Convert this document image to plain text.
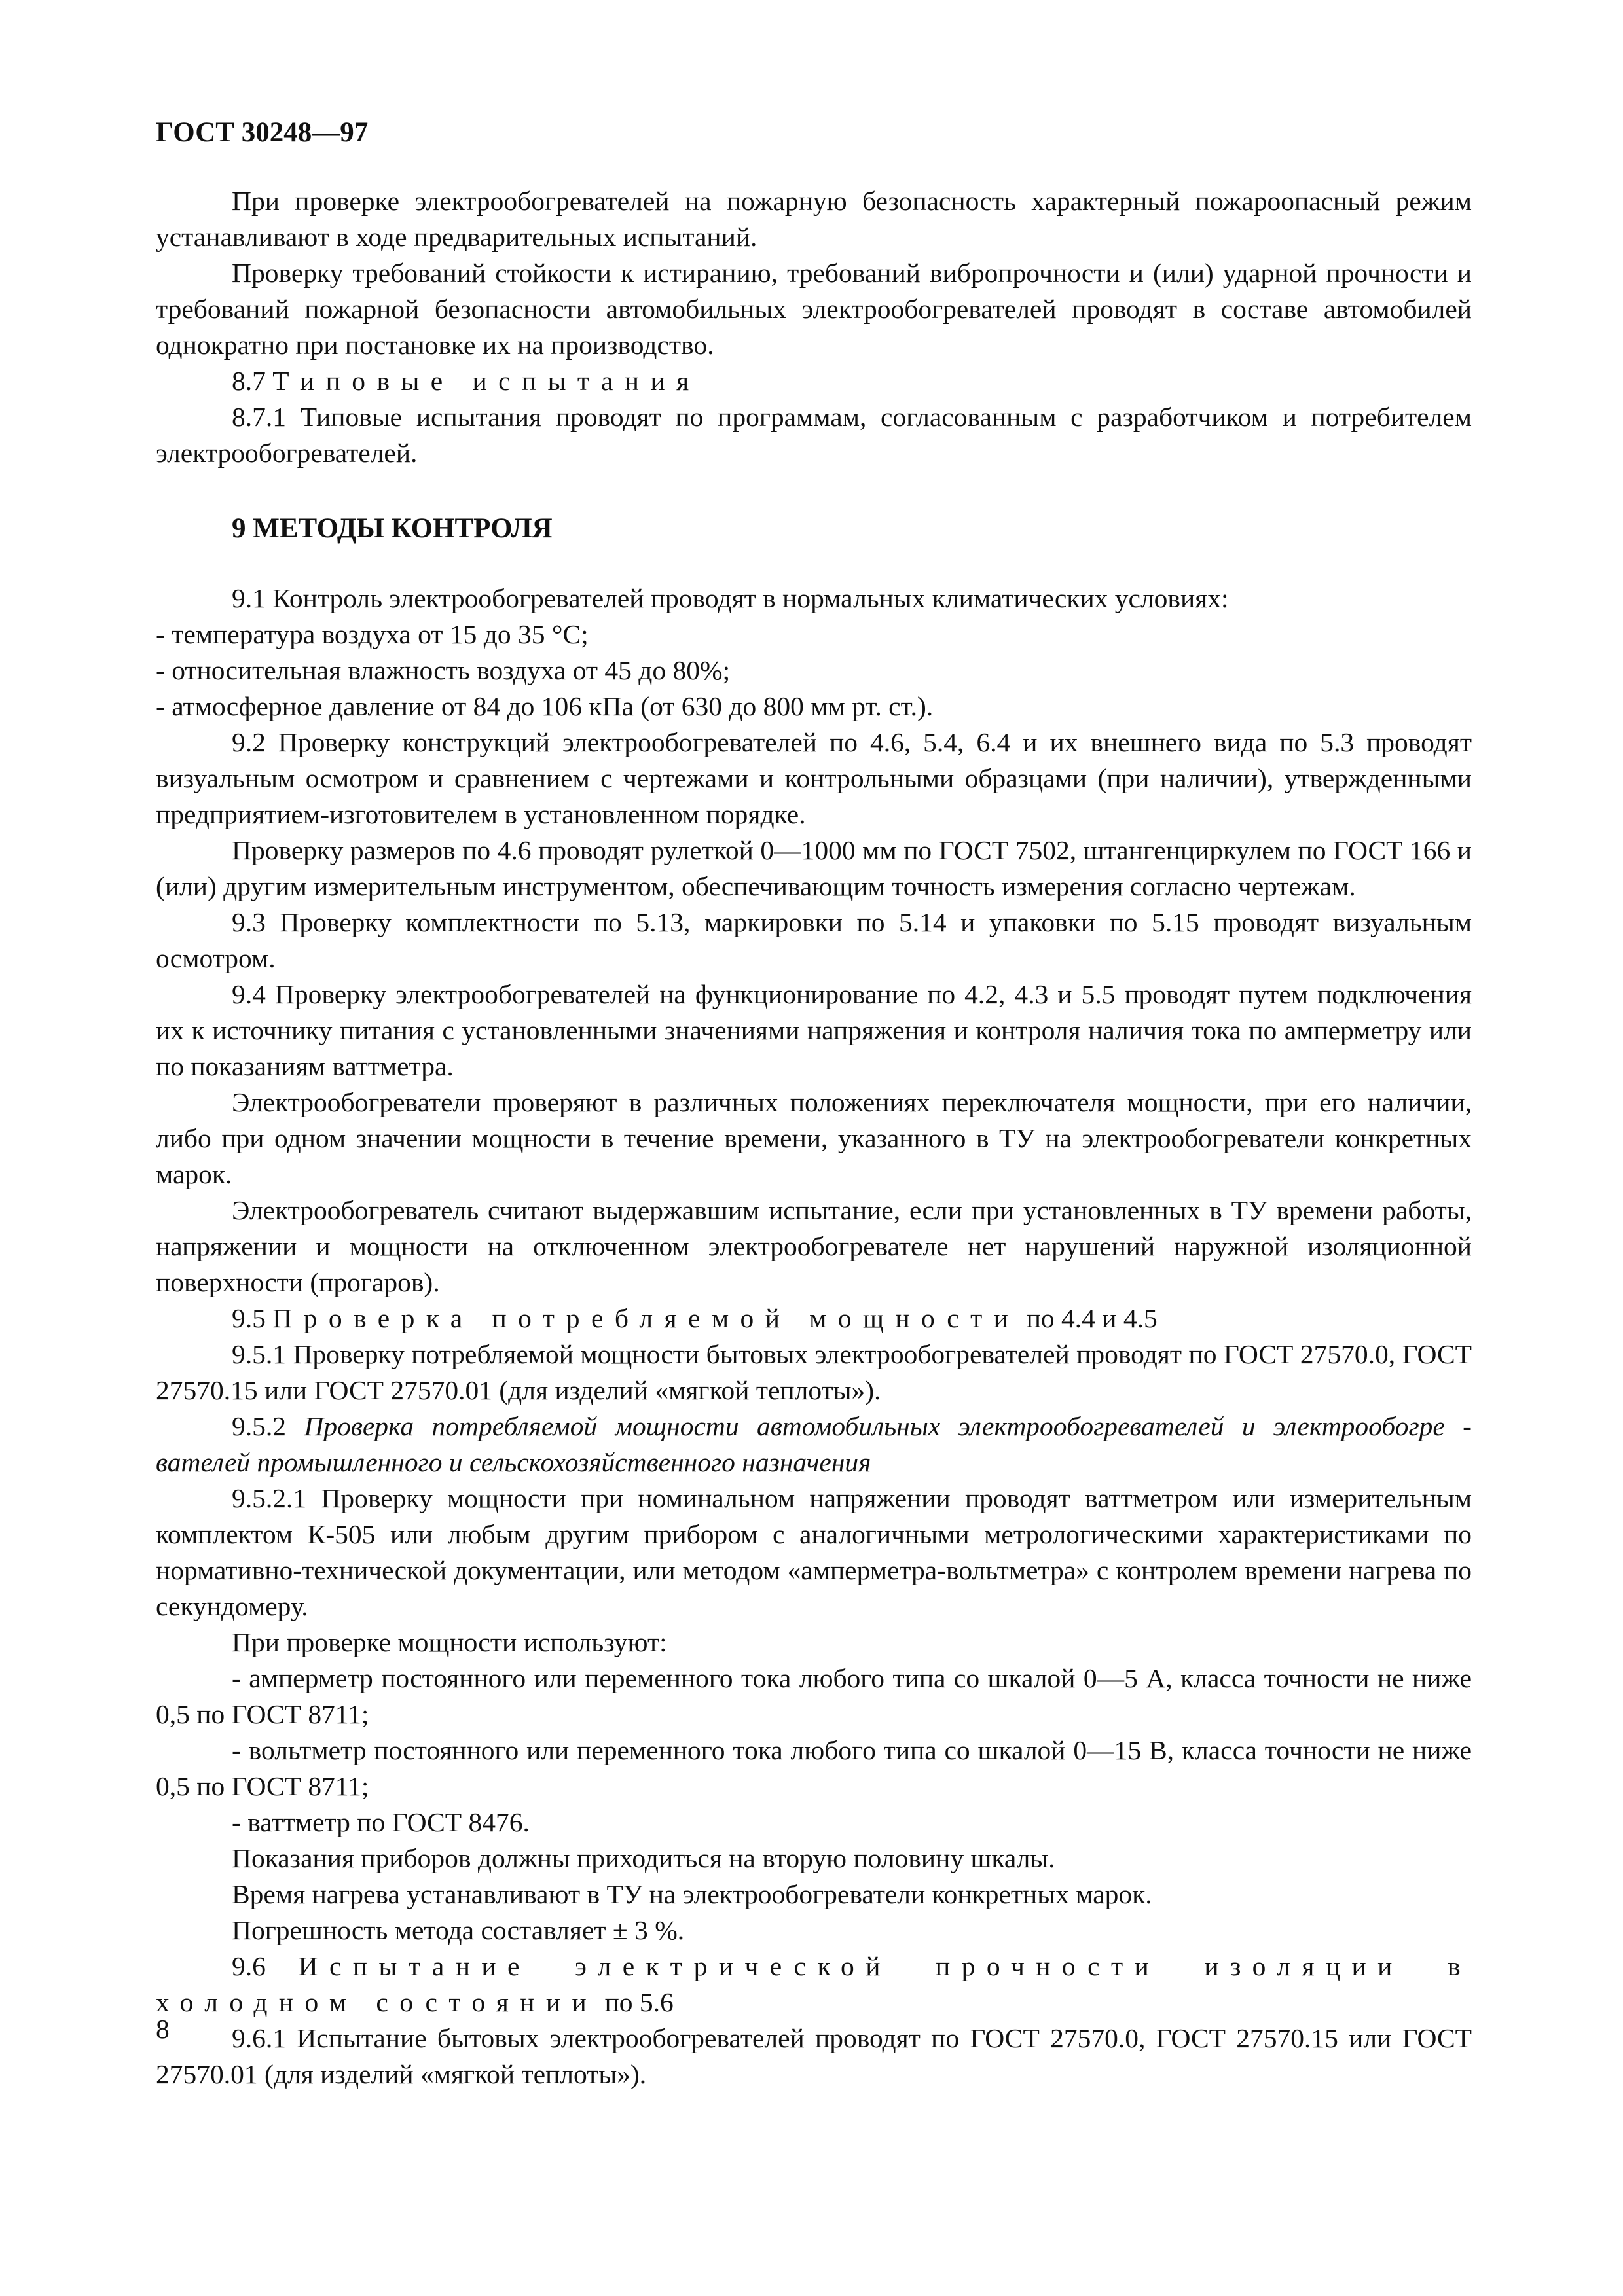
ГОСТ 30248—97

При проверке электрообогревателей на пожарную безопасность характерный пожароопасный режим устанавливают в ходе предварительных испытаний.

Проверку требований стойкости к истиранию, требований вибропрочности и (или) ударной прочности и требований пожарной безопасности автомобильных электрообогревателей проводят в составе автомобилей однократно при постановке их на производство.

8.7 Типовые испытания

8.7.1 Типовые испытания проводят по программам, согласованным с разработчиком и потребителем электрообогревателей.

9 МЕТОДЫ КОНТРОЛЯ

9.1 Контроль электрообогревателей проводят в нормальных климатических условиях:

- температура воздуха от 15 до 35 °С;

- относительная влажность воздуха от 45 до 80%;

- атмосферное давление от 84 до 106 кПа (от 630 до 800 мм рт. ст.).

9.2 Проверку конструкций электрообогревателей по 4.6, 5.4, 6.4 и их внешнего вида по 5.3 проводят визуальным осмотром и сравнением с чертежами и контрольными образцами (при наличии), утвержденными предприятием-изготовителем в установленном порядке.

Проверку размеров по 4.6 проводят рулеткой 0—1000 мм по ГОСТ 7502, штангенциркулем по ГОСТ 166 и (или) другим измерительным инструментом, обеспечивающим точность измерения согласно чертежам.

9.3 Проверку комплектности по 5.13, маркировки по 5.14 и упаковки по 5.15 проводят визуальным осмотром.

9.4 Проверку электрообогревателей на функционирование по 4.2, 4.3 и 5.5 проводят путем подключения их к источнику питания с установленными значениями напряжения и контроля наличия тока по амперметру или по показаниям ваттметра.

Электрообогреватели проверяют в различных положениях переключателя мощности, при его наличии, либо при одном значении мощности в течение времени, указанного в ТУ на электрообогреватели конкретных марок.

Электрообогреватель считают выдержавшим испытание, если при установленных в ТУ времени работы, напряжении и мощности на отключенном электрообогревателе нет нарушений наружной изоляционной поверхности (прогаров).

9.5 Проверка потребляемой мощности по 4.4 и 4.5

9.5.1 Проверку потребляемой мощности бытовых электрообогревателей проводят по ГОСТ 27570.0, ГОСТ 27570.15 или ГОСТ 27570.01 (для изделий «мягкой теплоты»).

9.5.2 Проверка потребляемой мощности автомобильных электрообогревателей и электрообогре - вателей промышленного и сельскохозяйственного назначения

9.5.2.1 Проверку мощности при номинальном напряжении проводят ваттметром или измерительным комплектом К-505 или любым другим прибором с аналогичными метрологическими характеристиками по нормативно-технической документации, или методом «амперметра-вольтметра» с контролем времени нагрева по секундомеру.

При проверке мощности используют:

- амперметр постоянного или переменного тока любого типа со шкалой 0—5 А, класса точности не ниже 0,5 по ГОСТ 8711;

- вольтметр постоянного или переменного тока любого типа со шкалой 0—15 В, класса точности не ниже 0,5 по ГОСТ 8711;

- ваттметр по ГОСТ 8476.

Показания приборов должны приходиться на вторую половину шкалы.

Время нагрева устанавливают в ТУ на электрообогреватели конкретных марок.

Погрешность метода составляет ± 3 %.

9.6 Испытание электрической прочности изоляции в холодном состоянии по 5.6

9.6.1 Испытание бытовых электрообогревателей проводят по ГОСТ 27570.0, ГОСТ 27570.15 или ГОСТ 27570.01 (для изделий «мягкой теплоты»).

8
